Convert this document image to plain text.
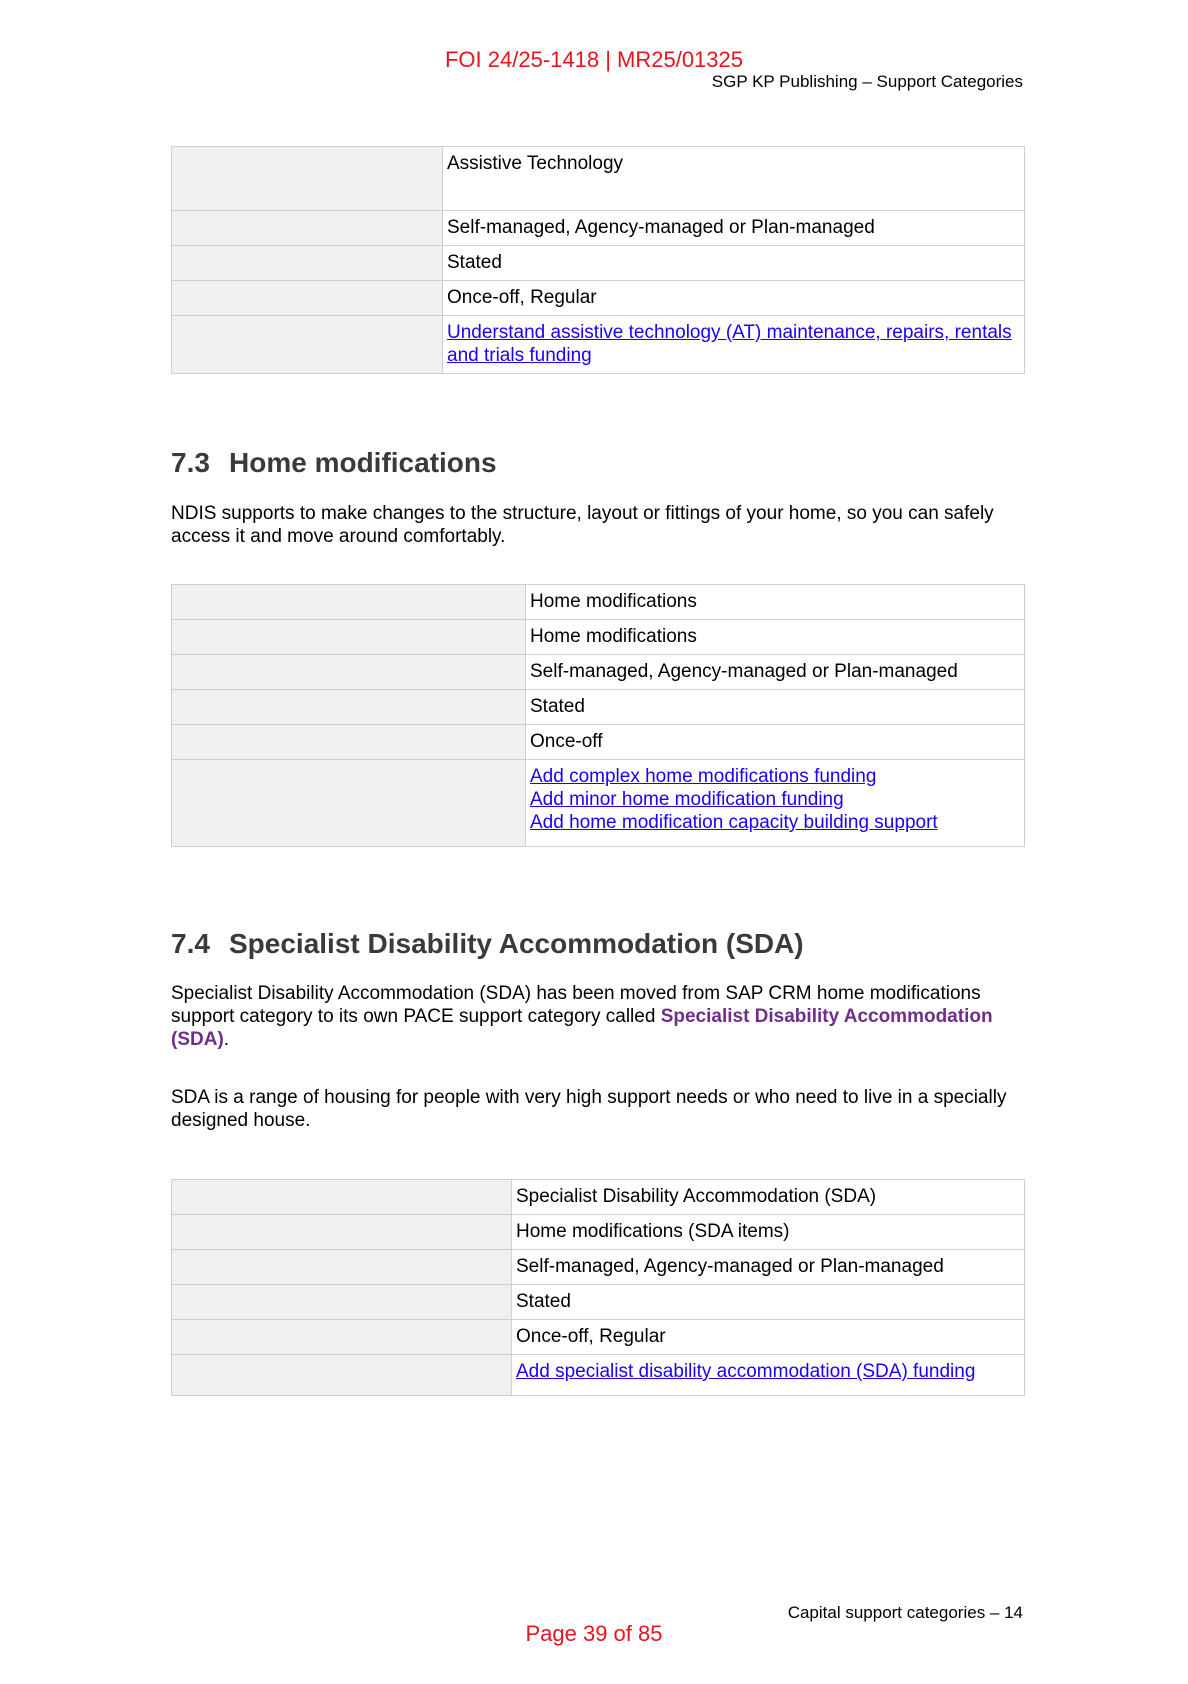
FOI 24/25-1418 | MR25/01325
SGP KP Publishing – Support Categories
	Assistive Technology
	Self-managed, Agency-managed or Plan-managed
	Stated
	Once-off, Regular

	Understand assistive technology (AT) maintenance, repairs, rentals and trials funding
7.3 Home modifications

NDIS supports to make changes to the structure, layout or fittings of your home, so you can safely access it and move around comfortably.

	Home modifications
	Home modifications
	Self-managed, Agency-managed or Plan-managed
	Stated
	Once-off

	Add complex home modifications funding
Add minor home modification funding
Add home modification capacity building support
7.4 Specialist Disability Accommodation (SDA)

Specialist Disability Accommodation (SDA) has been moved from SAP CRM home modifications support category to its own PACE support category called Specialist Disability Accommodation (SDA).

SDA is a range of housing for people with very high support needs or who need to live in a specially designed house.

	Specialist Disability Accommodation (SDA)
	Home modifications (SDA items)
	Self-managed, Agency-managed or Plan-managed
	Stated
	Once-off, Regular

	Add specialist disability accommodation (SDA) funding
Capital support categories – 14
Page 39 of 85
